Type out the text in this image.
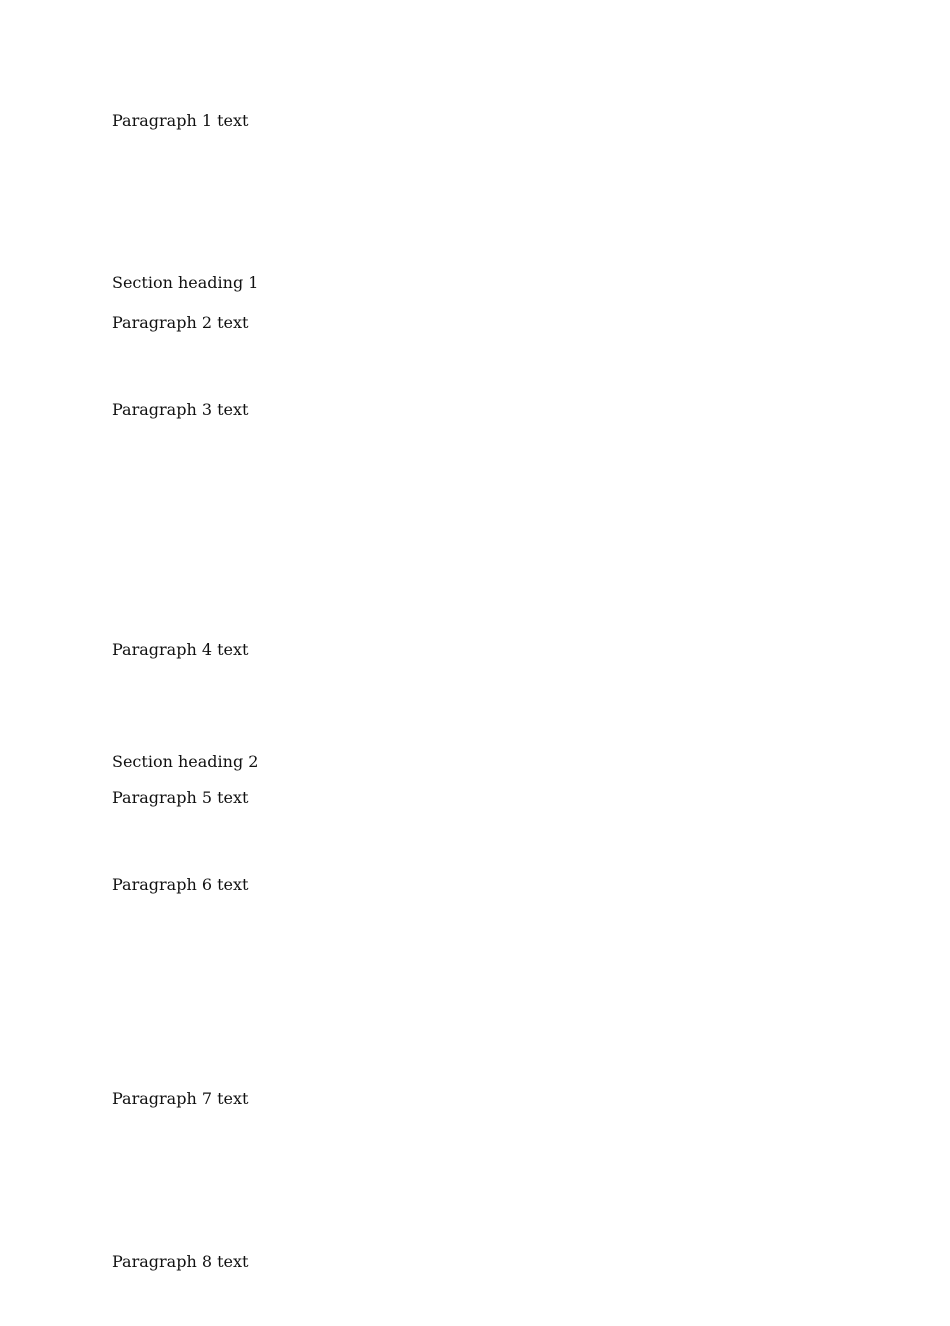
Paragraph 1 text

Section heading 1

Paragraph 2 text

Paragraph 3 text

Paragraph 4 text

Section heading 2

Paragraph 5 text

Paragraph 6 text

Paragraph 7 text

Paragraph 8 text
